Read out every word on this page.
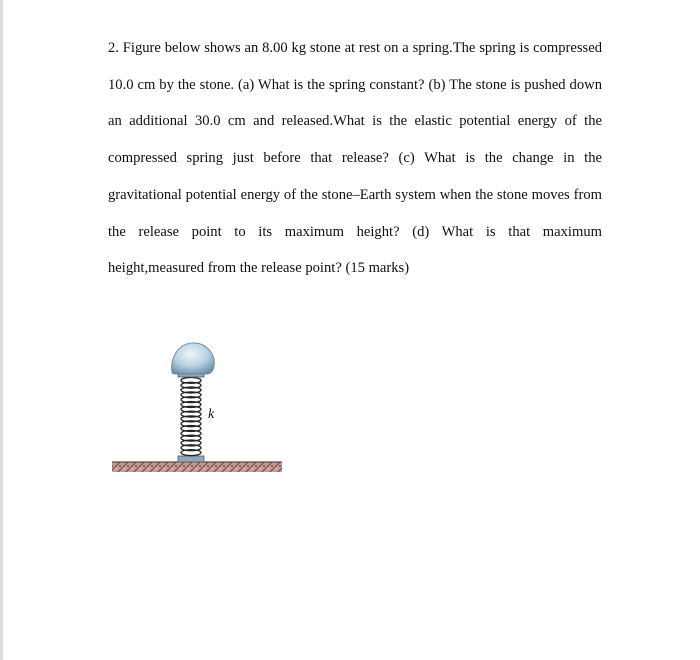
2. Figure below shows an 8.00 kg stone at rest on a spring.The spring is compressed 10.0 cm by the stone. (a) What is the spring constant? (b) The stone is pushed down an additional 30.0 cm and released.What is the elastic potential energy of the compressed spring just before that release? (c) What is the change in the gravitational potential energy of the stone–Earth system when the stone moves from the release point to its maximum height? (d) What is that maximum height,measured from the release point? (15 marks)

k
